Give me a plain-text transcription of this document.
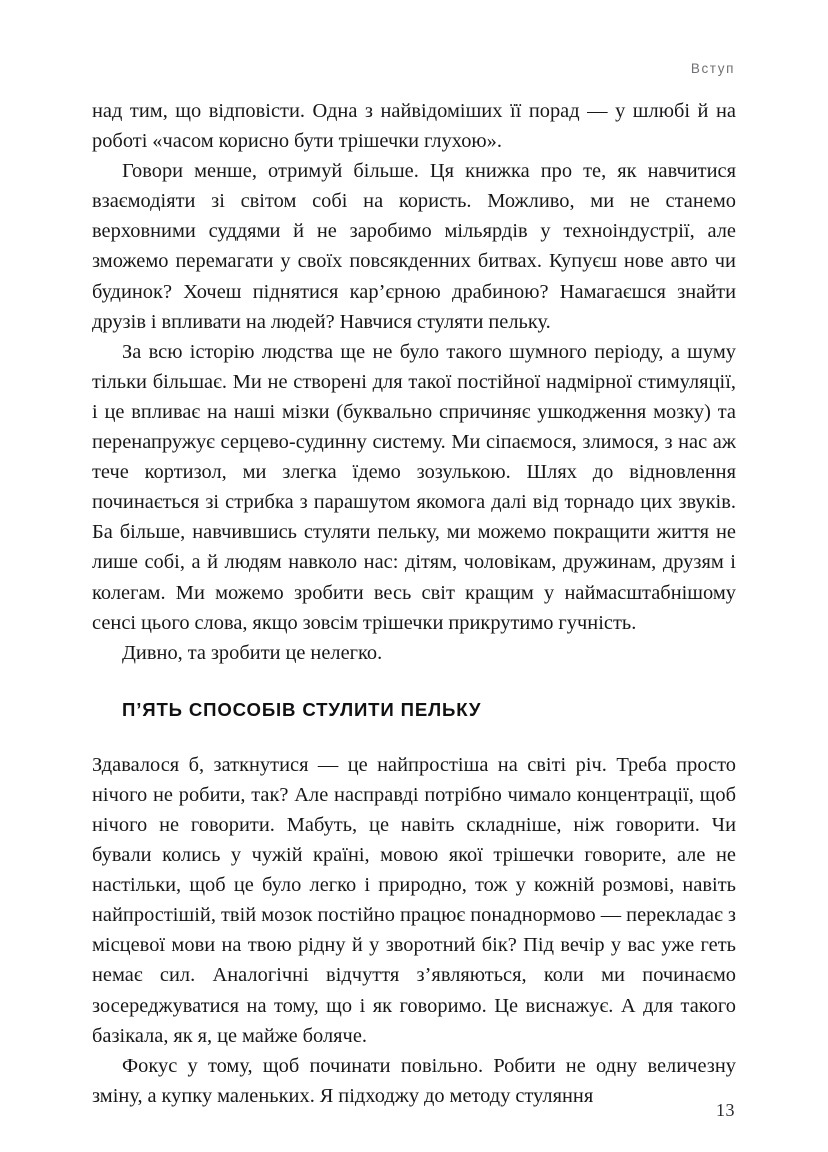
Вступ

над тим, що відповісти. Одна з найвідоміших її порад — у шлюбі й на роботі «часом корисно бути трішечки глухою».

Говори менше, отримуй більше. Ця книжка про те, як навчитися взаємодіяти зі світом собі на користь. Можливо, ми не станемо верховними суддями й не заробимо мільярдів у техноіндустрії, але зможемо перемагати у своїх повсякденних битвах. Купуєш нове авто чи будинок? Хочеш піднятися кар’єрною драбиною? Намагаєшся знайти друзів і впливати на людей? Навчися стуляти пельку.

За всю історію людства ще не було такого шумного періоду, а шуму тільки більшає. Ми не створені для такої постійної надмірної стимуляції, і це впливає на наші мізки (буквально спричиняє ушкодження мозку) та перенапружує серцево-судинну систему. Ми сіпаємося, злимося, з нас аж тече кортизол, ми злегка їдемо зозулькою. Шлях до відновлення починається зі стрибка з парашутом якомога далі від торнадо цих звуків. Ба більше, навчившись стуляти пельку, ми можемо покращити життя не лише собі, а й людям навколо нас: дітям, чоловікам, дружинам, друзям і колегам. Ми можемо зробити весь світ кращим у наймасштабнішому сенсі цього слова, якщо зовсім трішечки прикрутимо гучність.

Дивно, та зробити це нелегко.

П’ЯТЬ СПОСОБІВ СТУЛИТИ ПЕЛЬКУ

Здавалося б, заткнутися — це найпростіша на світі річ. Треба просто нічого не робити, так? Але насправді потрібно чимало концентрації, щоб нічого не говорити. Мабуть, це навіть складніше, ніж говорити. Чи бували колись у чужій країні, мовою якої трішечки говорите, але не настільки, щоб це було легко і природно, тож у кожній розмові, навіть найпростішій, твій мозок постійно працює понаднормово — перекладає з місцевої мови на твою рідну й у зворотний бік? Під вечір у вас уже геть немає сил. Аналогічні відчуття з’являються, коли ми починаємо зосереджуватися на тому, що і як говоримо. Це виснажує. А для такого базікала, як я, це майже боляче.

Фокус у тому, щоб починати повільно. Робити не одну величезну зміну, а купку маленьких. Я підходжу до методу стуляння

13
